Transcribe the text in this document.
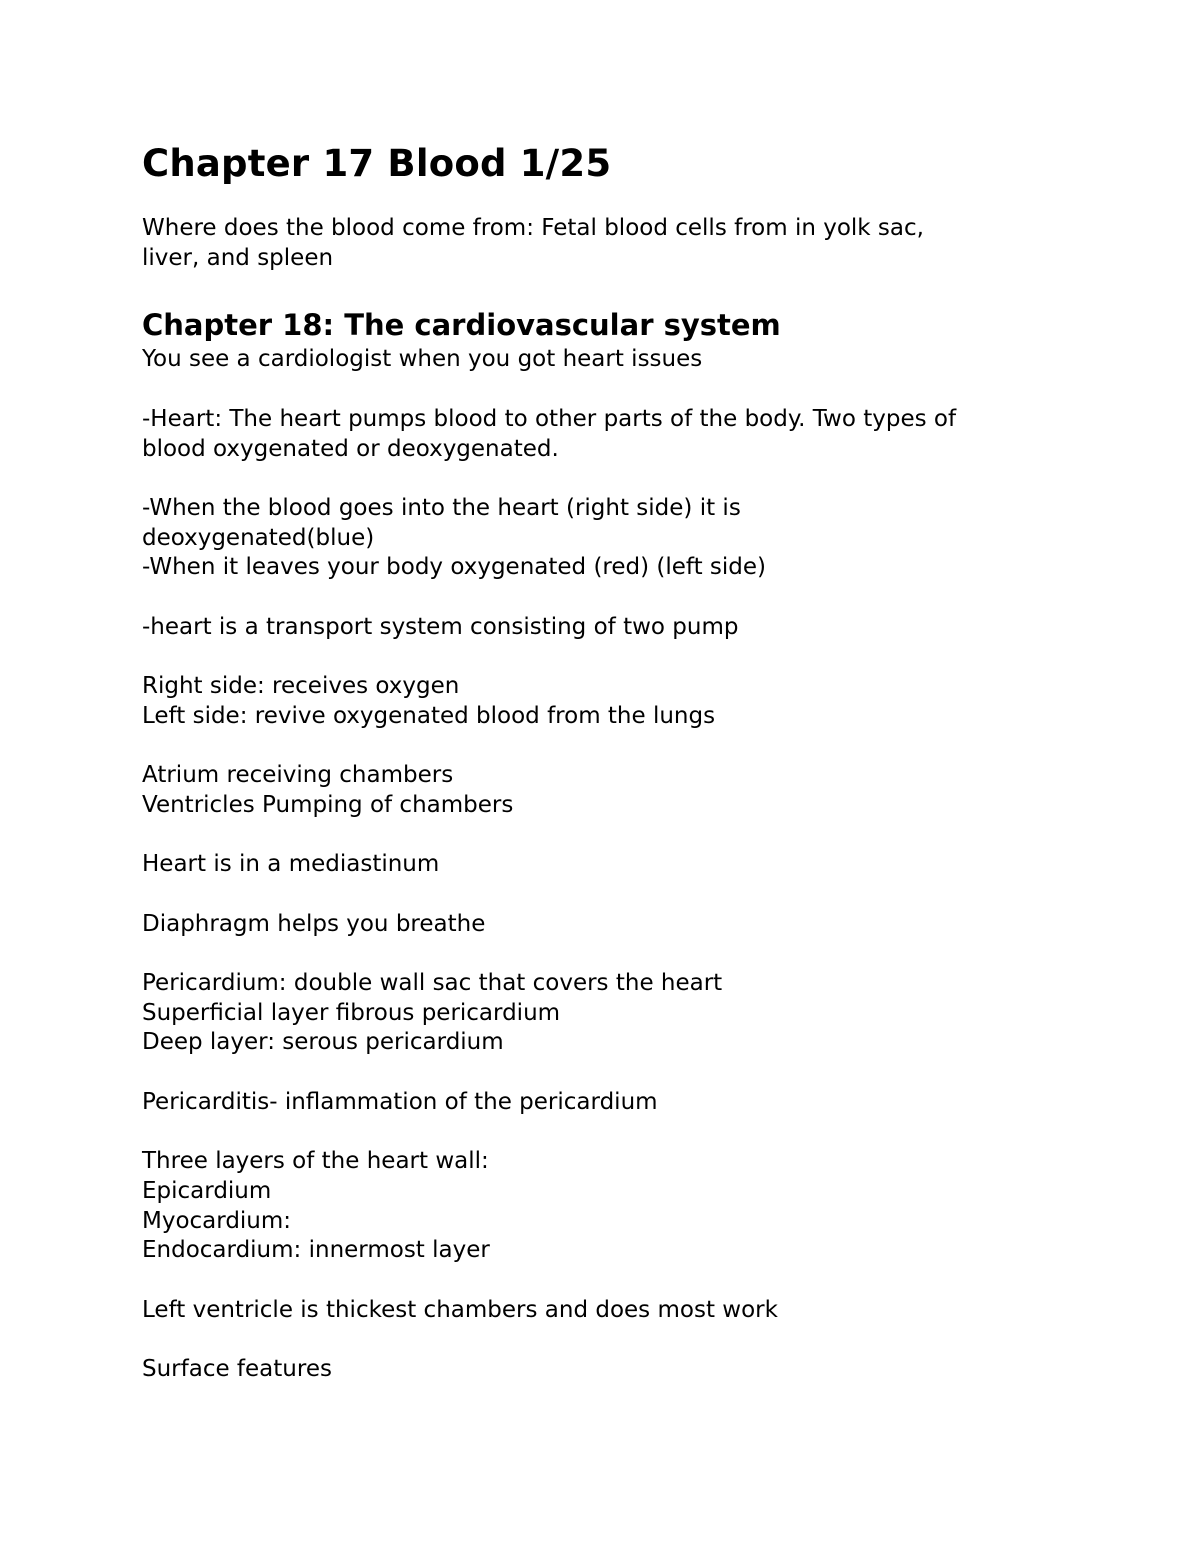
Chapter 17 Blood 1/25

Where does the blood come from: Fetal blood cells from in yolk sac,

liver, and spleen

Chapter 18: The cardiovascular system

You see a cardiologist when you got heart issues

-Heart: The heart pumps blood to other parts of the body. Two types of

blood oxygenated or deoxygenated.

-When the blood goes into the heart (right side) it is

deoxygenated(blue)

-When it leaves your body oxygenated (red) (left side)

-heart is a transport system consisting of two pump

Right side: receives oxygen

Left side: revive oxygenated blood from the lungs

Atrium receiving chambers

Ventricles Pumping of chambers

Heart is in a mediastinum

Diaphragm helps you breathe

Pericardium: double wall sac that covers the heart

Superficial layer fibrous pericardium

Deep layer: serous pericardium

Pericarditis- inflammation of the pericardium

Three layers of the heart wall:

Epicardium

Myocardium:

Endocardium: innermost layer

Left ventricle is thickest chambers and does most work

Surface features
